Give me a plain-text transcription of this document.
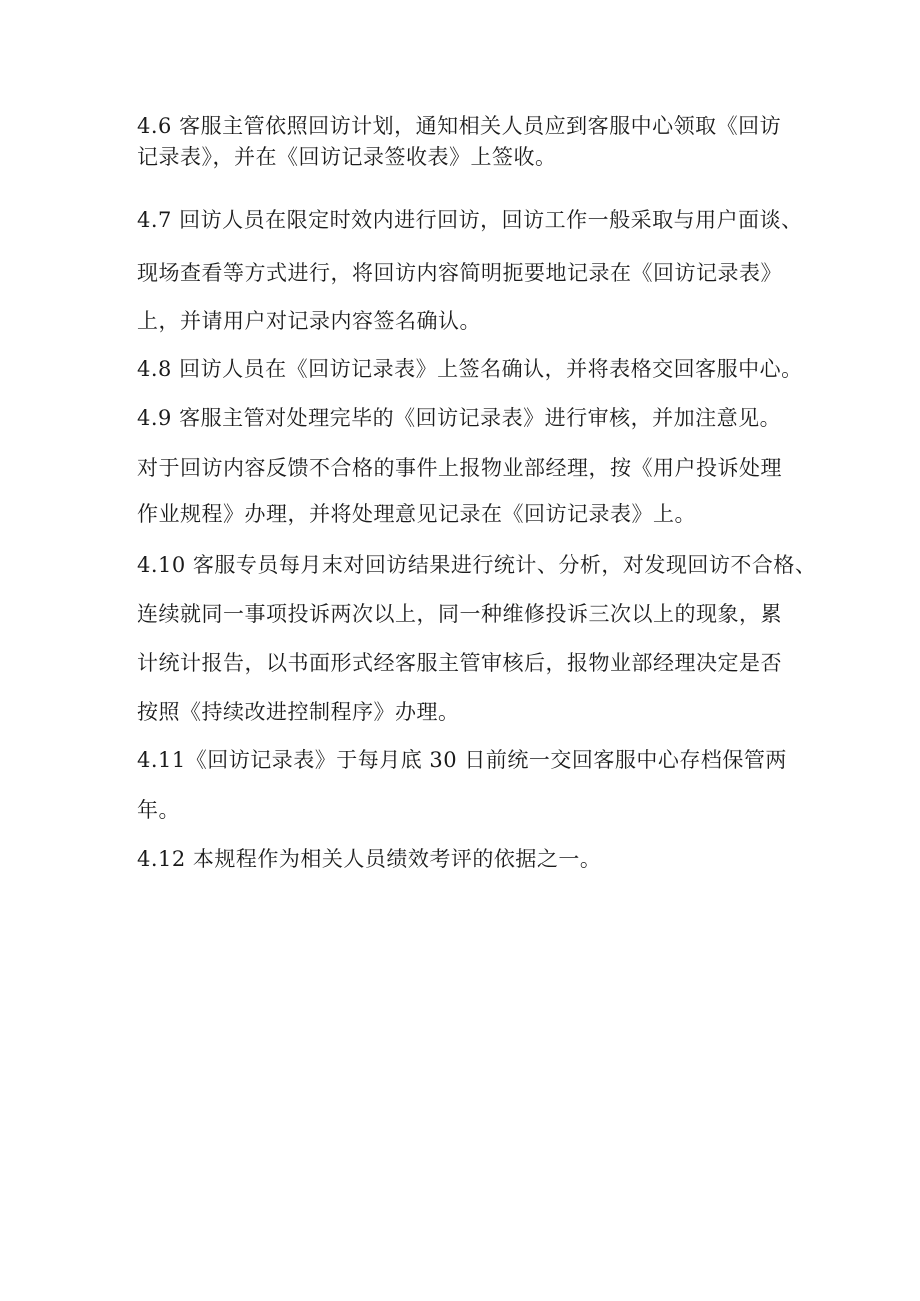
4.6 客服主管依照回访计划，通知相关人员应到客服中心领取《回访
记录表》，并在《回访记录签收表》上签收。
4.7 回访人员在限定时效内进行回访，回访工作一般采取与用户面谈、
现场查看等方式进行，将回访内容简明扼要地记录在《回访记录表》
上，并请用户对记录内容签名确认。
4.8 回访人员在《回访记录表》上签名确认，并将表格交回客服中心。
4.9 客服主管对处理完毕的《回访记录表》进行审核，并加注意见。
对于回访内容反馈不合格的事件上报物业部经理，按《用户投诉处理
作业规程》办理，并将处理意见记录在《回访记录表》上。
4.10 客服专员每月末对回访结果进行统计、分析，对发现回访不合格、
连续就同一事项投诉两次以上，同一种维修投诉三次以上的现象，累
计统计报告，以书面形式经客服主管审核后，报物业部经理决定是否
按照《持续改进控制程序》办理。
4.11《回访记录表》于每月底 30 日前统一交回客服中心存档保管两
年。
4.12 本规程作为相关人员绩效考评的依据之一。
